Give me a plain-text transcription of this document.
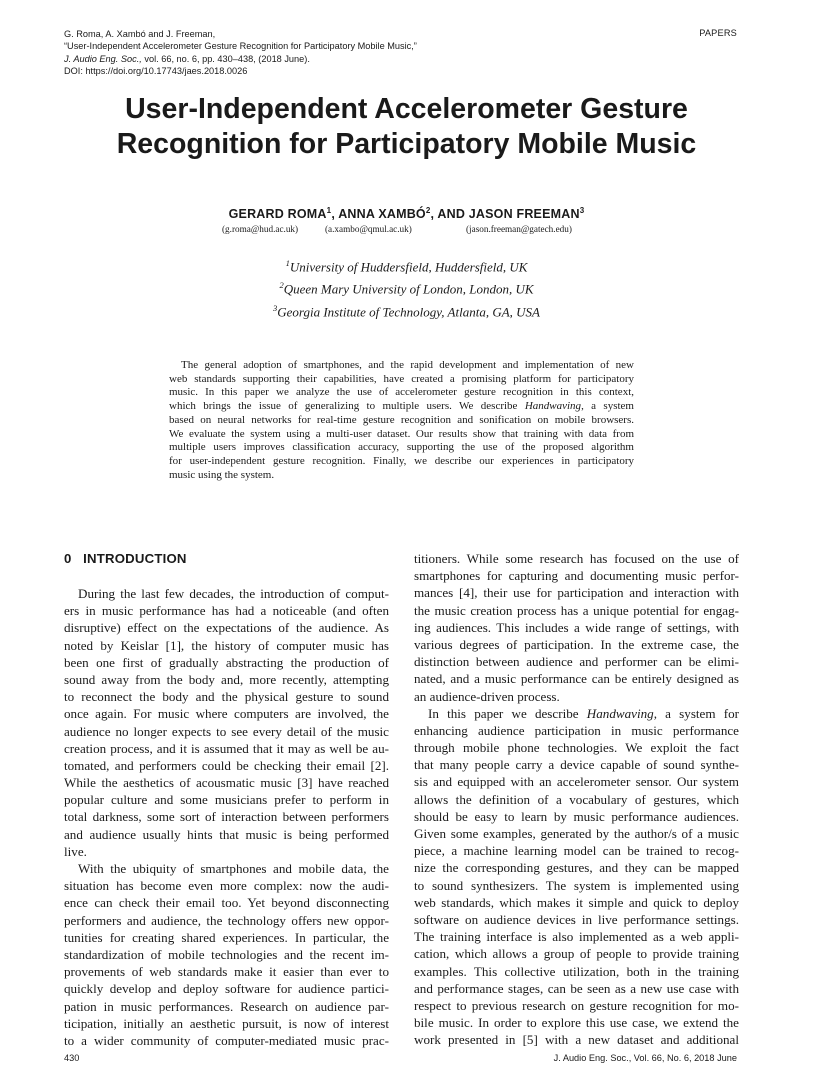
G. Roma, A. Xambó and J. Freeman,
“User-Independent Accelerometer Gesture Recognition for Participatory Mobile Music,”
J. Audio Eng. Soc., vol. 66, no. 6, pp. 430–438, (2018 June).
DOI: https://doi.org/10.17743/jaes.2018.0026
PAPERS
User-Independent Accelerometer Gesture
Recognition for Participatory Mobile Music
GERARD ROMA$^1$, ANNA XAMBÓ$^2$, AND JASON FREEMAN$^3$
(g.roma@hud.ac.uk)	(a.xambo@qmul.ac.uk)	(jason.freeman@gatech.edu)
$^1$University of Huddersfield, Huddersfield, UK
$^2$Queen Mary University of London, London, UK
$^3$Georgia Institute of Technology, Atlanta, GA, USA
The general adoption of smartphones, and the rapid development and implementation of new
web standards supporting their capabilities, have created a promising platform for participatory
music. In this paper we analyze the use of accelerometer gesture recognition in this context,
which brings the issue of generalizing to multiple users. We describe Handwaving, a system
based on neural networks for real-time gesture recognition and sonification on mobile browsers.
We evaluate the system using a multi-user dataset. Our results show that training with data from
multiple users improves classification accuracy, supporting the use of the proposed algorithm
for user-independent gesture recognition. Finally, we describe our experiences in participatory
music using the system.
0 INTRODUCTION
During the last few decades, the introduction of comput-
ers in music performance has had a noticeable (and often
disruptive) effect on the expectations of the audience. As
noted by Keislar [1], the history of computer music has
been one first of gradually abstracting the production of
sound away from the body and, more recently, attempting
to reconnect the body and the physical gesture to sound
once again. For music where computers are involved, the
audience no longer expects to see every detail of the music
creation process, and it is assumed that it may as well be au-
tomated, and performers could be checking their email [2].
While the aesthetics of acousmatic music [3] have reached
popular culture and some musicians prefer to perform in
total darkness, some sort of interaction between performers
and audience usually hints that music is being performed
live.
With the ubiquity of smartphones and mobile data, the
situation has become even more complex: now the audi-
ence can check their email too. Yet beyond disconnecting
performers and audience, the technology offers new oppor-
tunities for creating shared experiences. In particular, the
standardization of mobile technologies and the recent im-
provements of web standards make it easier than ever to
quickly develop and deploy software for audience partici-
pation in music performances. Research on audience par-
ticipation, initially an aesthetic pursuit, is now of interest
to a wider community of computer-mediated music prac-
titioners. While some research has focused on the use of
smartphones for capturing and documenting music perfor-
mances [4], their use for participation and interaction with
the music creation process has a unique potential for engag-
ing audiences. This includes a wide range of settings, with
various degrees of participation. In the extreme case, the
distinction between audience and performer can be elimi-
nated, and a music performance can be entirely designed as
an audience-driven process.
In this paper we describe Handwaving, a system for
enhancing audience participation in music performance
through mobile phone technologies. We exploit the fact
that many people carry a device capable of sound synthe-
sis and equipped with an accelerometer sensor. Our system
allows the definition of a vocabulary of gestures, which
should be easy to learn by music performance audiences.
Given some examples, generated by the author/s of a music
piece, a machine learning model can be trained to recog-
nize the corresponding gestures, and they can be mapped
to sound synthesizers. The system is implemented using
web standards, which makes it simple and quick to deploy
software on audience devices in live performance settings.
The training interface is also implemented as a web appli-
cation, which allows a group of people to provide training
examples. This collective utilization, both in the training
and performance stages, can be seen as a new use case with
respect to previous research on gesture recognition for mo-
bile music. In order to explore this use case, we extend the
work presented in [5] with a new dataset and additional
430	J. Audio Eng. Soc., Vol. 66, No. 6, 2018 June
